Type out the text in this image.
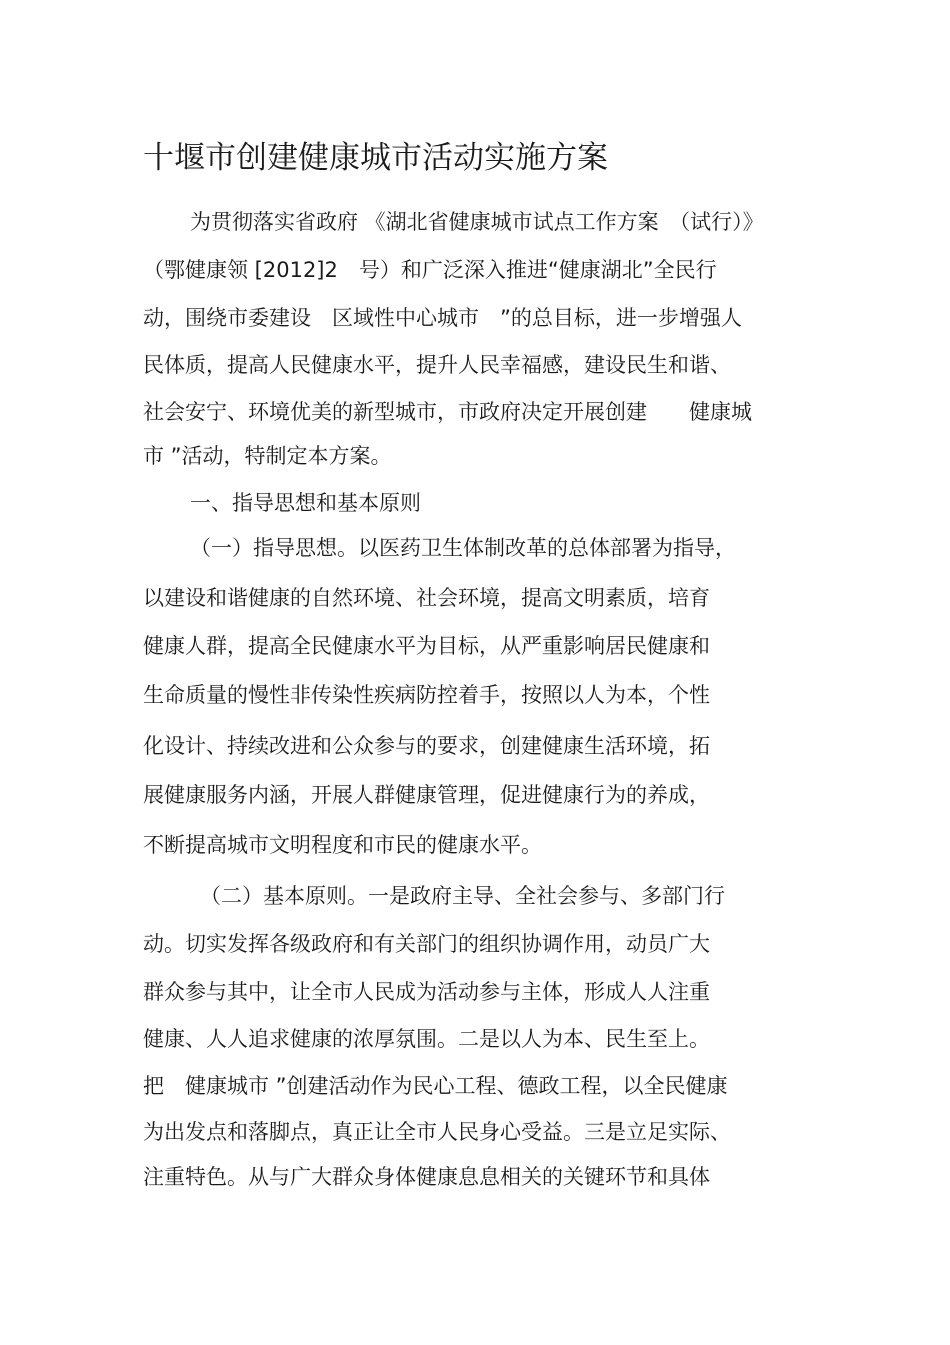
十堰市创建健康城市活动实施方案
为贯彻落实省政府 《湖北省健康城市试点工作方案　（试行）》
（鄂健康领 [2012]2　号）和广泛深入推进“健康湖北”全民行
动，围绕市委建设　区域性中心城市　”的总目标，进一步增强人
民体质，提高人民健康水平，提升人民幸福感，建设民生和谐、
社会安宁、环境优美的新型城市，市政府决定开展创建　　健康城
市 ”活动，特制定本方案。
一、指导思想和基本原则
（一）指导思想。以医药卫生体制改革的总体部署为指导，
以建设和谐健康的自然环境、社会环境，提高文明素质，培育
健康人群，提高全民健康水平为目标，从严重影响居民健康和
生命质量的慢性非传染性疾病防控着手，按照以人为本，个性
化设计、持续改进和公众参与的要求，创建健康生活环境，拓
展健康服务内涵，开展人群健康管理，促进健康行为的养成，
不断提高城市文明程度和市民的健康水平。
（二）基本原则。一是政府主导、全社会参与、多部门行
动。切实发挥各级政府和有关部门的组织协调作用，动员广大
群众参与其中，让全市人民成为活动参与主体，形成人人注重
健康、人人追求健康的浓厚氛围。二是以人为本、民生至上。
把　健康城市 ”创建活动作为民心工程、德政工程，以全民健康
为出发点和落脚点，真正让全市人民身心受益。三是立足实际、
注重特色。从与广大群众身体健康息息相关的关键环节和具体
